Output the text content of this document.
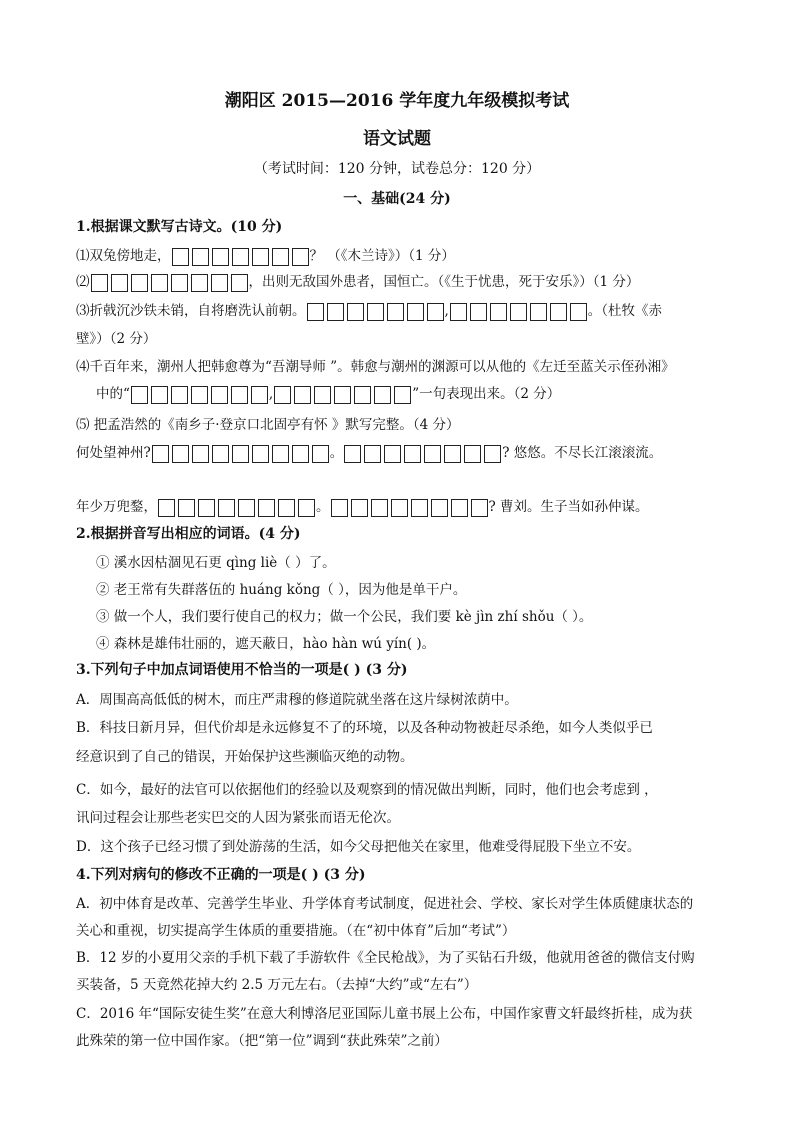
潮阳区 2015—2016 学年度九年级模拟考试
语文试题
（考试时间：120 分钟，试卷总分：120 分）
一、基础(24 分)
1.根据课文默写古诗文。(10 分)
⑴双兔傍地走，	？ （《木兰诗》）（1 分）
⑵	，出则无敌国外患者，国恒亡。（《生于忧患，死于安乐》）（1 分）
⑶折戟沉沙铁未销，自将磨洗认前朝。	,	。（杜牧《赤
壁》）（2 分）
⑷千百年来，潮州人把韩愈尊为“吾潮导师 ”。韩愈与潮州的渊源可以从他的《左迁至蓝关示侄孙湘》
中的“	,	”一句表现出来。（2 分）
⑸ 把孟浩然的《南乡子·登京口北固亭有怀 》默写完整。（4 分）
何处望神州?	。	? 悠悠。不尽长江滚滚流。
年少万兜鍪，	。	? 曹刘。生子当如孙仲谋。
2.根据拼音写出相应的词语。(4 分)
① 溪水因枯涸见石更 qìng liè（ ）了。
② 老王常有失群落伍的 huáng kǒng（ ），因为他是单干户。
③ 做一个人，我们要行使自己的权力；做一个公民，我们要 kè jìn zhí shǒu（ ）。
④ 森林是雄伟壮丽的，遮天蔽日，hào hàn wú yín( )。
3.下列句子中加点词语使用不恰当的一项是( ) (3 分)
A．周围高高低低的树木，而庄严肃穆的修道院就坐落在这片绿树浓荫中。
B．科技日新月异，但代价却是永远修复不了的环境，以及各种动物被赶尽杀绝，如今人类似乎已
经意识到了自己的错误，开始保护这些濒临灭绝的动物。
C．如今，最好的法官可以依据他们的经验以及观察到的情况做出判断，同时，他们也会考虑到 ，
讯问过程会让那些老实巴交的人因为紧张而语无伦次。
D．这个孩子已经习惯了到处游荡的生活，如今父母把他关在家里，他难受得屁股下坐立不安。
4.下列对病句的修改不正确的一项是( ) (3 分)
A．初中体育是改革、完善学生毕业、升学体育考试制度，促进社会、学校、家长对学生体质健康状态的
关心和重视，切实提高学生体质的重要措施。（在“初中体育”后加“考试”）
B．12 岁的小夏用父亲的手机下载了手游软件《全民枪战》，为了买钻石升级，他就用爸爸的微信支付购
买装备，5 天竟然花掉大约 2.5 万元左右。（去掉“大约”或“左右”）
C．2016 年“国际安徒生奖”在意大利博洛尼亚国际儿童书展上公布，中国作家曹文轩最终折桂，成为获
此殊荣的第一位中国作家。（把“第一位”调到“获此殊荣”之前）
